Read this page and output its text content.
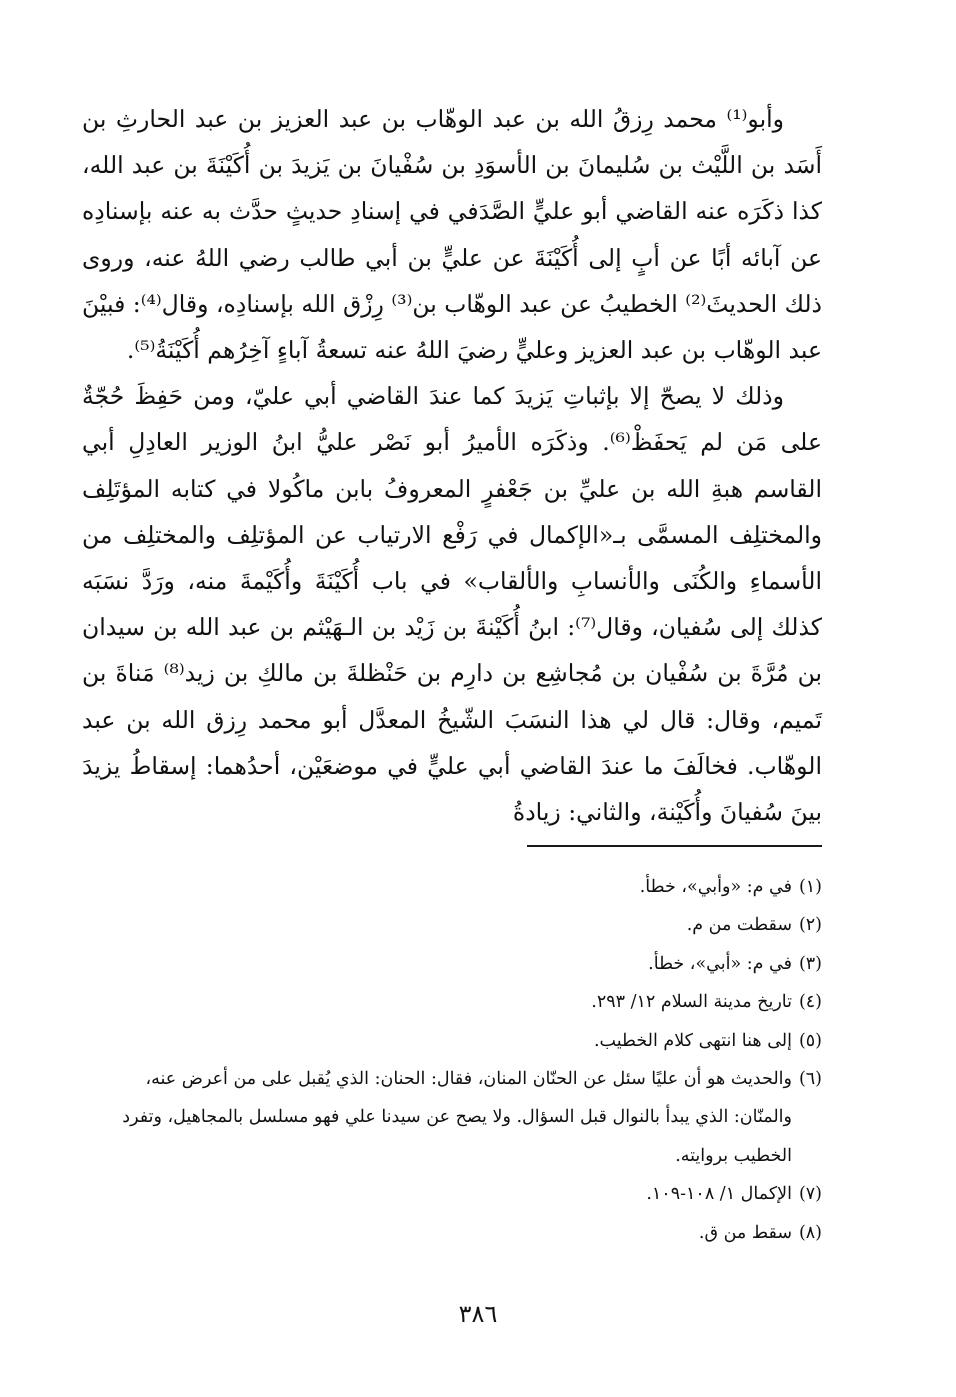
وأبو⁽¹⁾ محمد رِزقُ الله بن عبد الوهّاب بن عبد العزيز بن عبد الحارثِ بن أَسَد بن اللَّيْث بن سُليمانَ بن الأسوَدِ بن سُفْيانَ بن يَزيدَ بن أُكَيْنَةَ بن عبد الله، كذا ذكَرَه عنه القاضي أبو عليٍّ الصَّدَفي في إسنادِ حديثٍ حدَّث به عنه بإسنادِه عن آبائه أبًا عن أبٍ إلى أُكَيْنَةَ عن عليٍّ بن أبي طالب رضي اللهُ عنه، وروى ذلك الحديثَ⁽²⁾ الخطيبُ عن عبد الوهّاب بن⁽³⁾ رِزْق الله بإسنادِه، وقال⁽⁴⁾: فبيْنَ عبد الوهّاب بن عبد العزيز وعليٍّ رضيَ اللهُ عنه تسعةُ آباءٍ آخِرُهم أُكَيْنَةُ⁽⁵⁾.

وذلك لا يصحّ إلا بإثباتِ يَزيدَ كما عندَ القاضي أبي عليّ، ومن حَفِظَ حُجّةٌ على مَن لم يَحفَظْ⁽⁶⁾. وذكَرَه الأميرُ أبو نَصْر عليُّ ابنُ الوزير العادِلِ أبي القاسم هبةِ الله بن عليِّ بن جَعْفرٍ المعروفُ بابن ماكُولا في كتابه المؤتَلِف والمختلِف المسمَّى بـ«الإكمال في رَفْع الارتياب عن المؤتلِف والمختلِف من الأسماءِ والكُنَى والأنسابِ والألقاب» في باب أُكَيْنَةَ وأُكَيْمةَ منه، ورَدَّ نسَبَه كذلك إلى سُفيان، وقال⁽⁷⁾: ابنُ أُكَيْنةَ بن زَيْد بن الـهَيْثم بن عبد الله بن سيدان بن مُرَّةَ بن سُفْيان بن مُجاشِع بن دارِم بن حَنْظلةَ بن مالكِ بن زيد⁽⁸⁾ مَناةَ بن تَميم، وقال: قال لي هذا النسَبَ الشّيخُ المعدَّل أبو محمد رِزق الله بن عبد الوهّاب. فخالَفَ ما عندَ القاضي أبي عليٍّ في موضعَيْن، أحدُهما: إسقاطُ يزيدَ بينَ سُفيانَ وأُكَيْنة، والثاني: زيادةُ

(١)
في م: «وأبي»، خطأ.
(٢)
سقطت من م.
(٣)
في م: «أبي»، خطأ.
(٤)
تاريخ مدينة السلام ١٢/ ٢٩٣.
(٥)
إلى هنا انتهى كلام الخطيب.
(٦)
والحديث هو أن عليًا سئل عن الحنّان المنان، فقال: الحنان: الذي يُقبل على من أعرض عنه، والمنّان: الذي يبدأ بالنوال قبل السؤال. ولا يصح عن سيدنا علي فهو مسلسل بالمجاهيل، وتفرد الخطيب بروايته.
(٧)
الإكمال ١/ ١٠٨-١٠٩.
(٨)
سقط من ق.
٣٨٦
